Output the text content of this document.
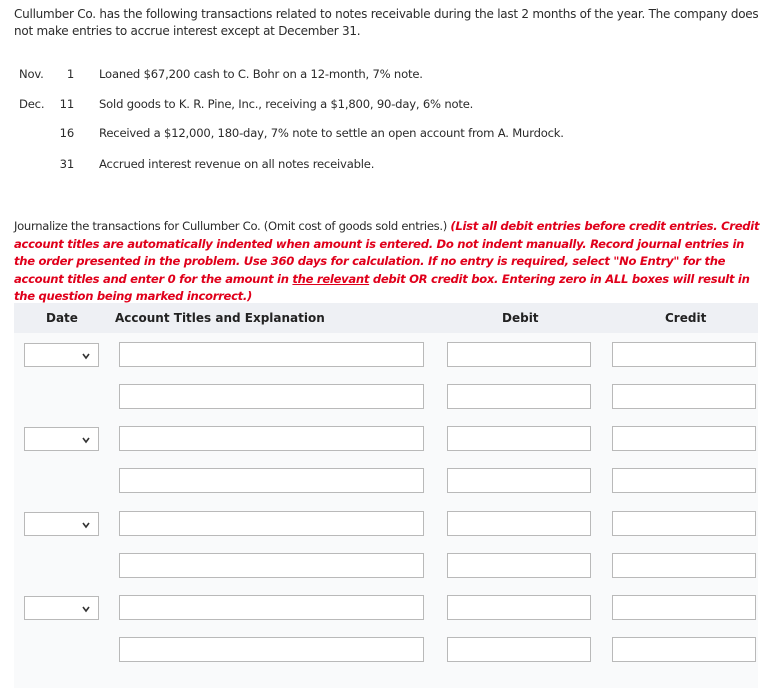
Cullumber Co. has the following transactions related to notes receivable during the last 2 months of the year. The company does not make entries to accrue interest except at December 31.
Nov.	1 Loaned $67,200 cash to C. Bohr on a 12-month, 7% note.
Dec. 11 Sold goods to K. R. Pine, Inc., receiving a $1,800, 90-day, 6% note.
16 Received a $12,000, 180-day, 7% note to settle an open account from A. Murdock.
31 Accrued interest revenue on all notes receivable.
Journalize the transactions for Cullumber Co. (Omit cost of goods sold entries.) (List all debit entries before credit entries. Credit account titles are automatically indented when amount is entered. Do not indent manually. Record journal entries in the order presented in the problem. Use 360 days for calculation. If no entry is required, select "No Entry" for the account titles and enter 0 for the amount in the relevant debit OR credit box. Entering zero in ALL boxes will result in the question being marked incorrect.)
Date	Account Titles and Explanation	Debit	Credit
